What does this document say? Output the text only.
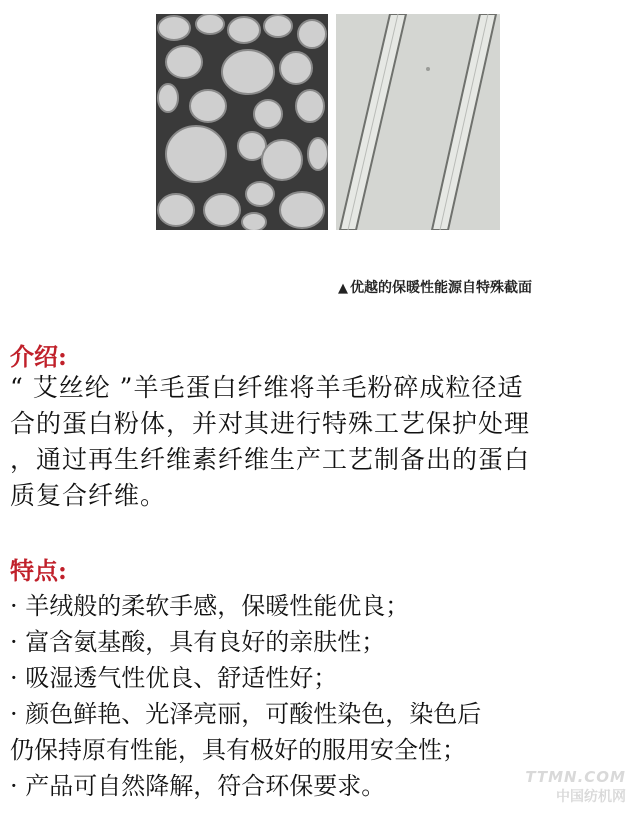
▲ 优越的保暖性能源自特殊截面
介绍:
“ 艾丝纶 ”羊毛蛋白纤维将羊毛粉碎成粒径适
合的蛋白粉体，并对其进行特殊工艺保护处理
，通过再生纤维素纤维生产工艺制备出的蛋白
质复合纤维。
特点:
· 羊绒般的柔软手感，保暖性能优良；
· 富含氨基酸，具有良好的亲肤性；
· 吸湿透气性优良、舒适性好；
· 颜色鲜艳、光泽亮丽，可酸性染色，染色后
仍保持原有性能，具有极好的服用安全性；
· 产品可自然降解，符合环保要求。	TTMN.COM
中国纺机网
